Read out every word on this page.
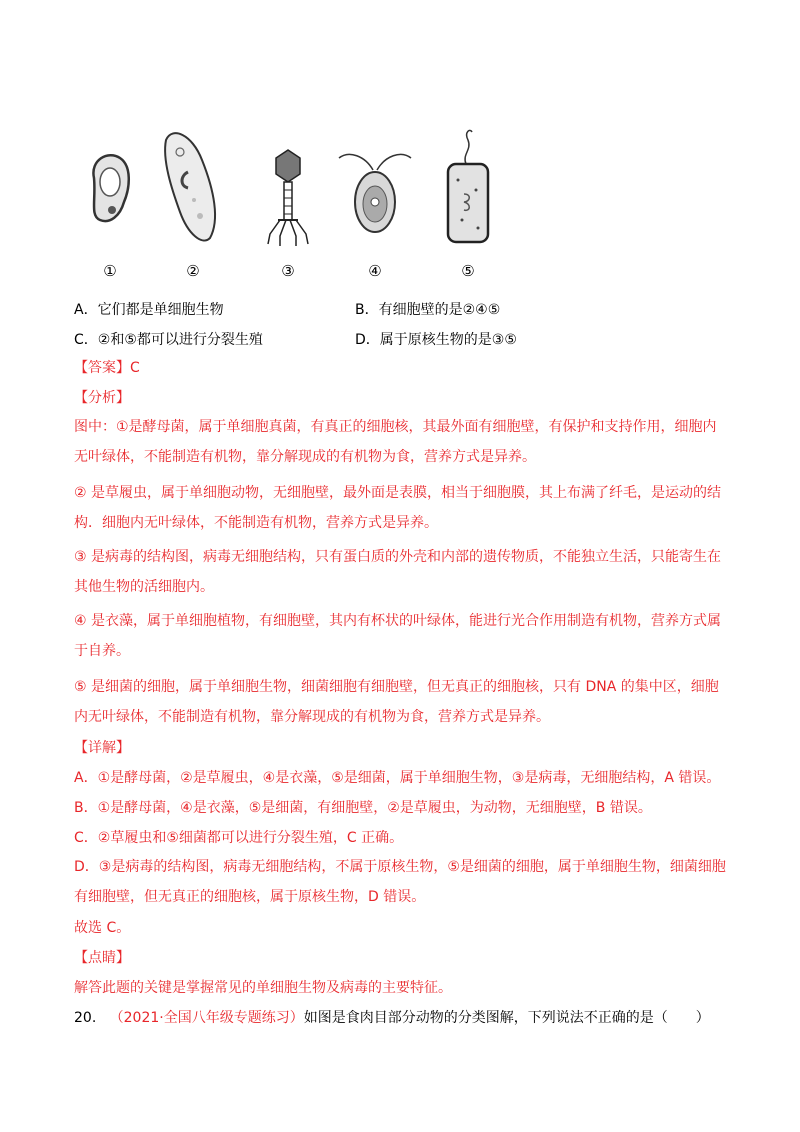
①	②	③	④	⑤
A．它们都是单细胞生物	B．有细胞壁的是②④⑤
C．②和⑤都可以进行分裂生殖	D．属于原核生物的是③⑤
【答案】C
【分析】
图中：①是酵母菌，属于单细胞真菌，有真正的细胞核，其最外面有细胞壁，有保护和支持作用，细胞内无叶绿体，不能制造有机物，靠分解现成的有机物为食，营养方式是异养。
② 是草履虫，属于单细胞动物，无细胞壁，最外面是表膜，相当于细胞膜，其上布满了纤毛，是运动的结构．细胞内无叶绿体，不能制造有机物，营养方式是异养。
③ 是病毒的结构图，病毒无细胞结构，只有蛋白质的外壳和内部的遗传物质，不能独立生活，只能寄生在其他生物的活细胞内。
④ 是衣藻，属于单细胞植物，有细胞壁，其内有杯状的叶绿体，能进行光合作用制造有机物，营养方式属于自养。
⑤ 是细菌的细胞，属于单细胞生物，细菌细胞有细胞壁，但无真正的细胞核，只有 DNA 的集中区，细胞内无叶绿体，不能制造有机物，靠分解现成的有机物为食，营养方式是异养。
【详解】
A．①是酵母菌，②是草履虫，④是衣藻，⑤是细菌，属于单细胞生物，③是病毒，无细胞结构，A 错误。
B．①是酵母菌，④是衣藻，⑤是细菌，有细胞壁，②是草履虫，为动物，无细胞壁，B 错误。
C．②草履虫和⑤细菌都可以进行分裂生殖，C 正确。
D．③是病毒的结构图，病毒无细胞结构，不属于原核生物，⑤是细菌的细胞，属于单细胞生物，细菌细胞有细胞壁，但无真正的细胞核，属于原核生物，D 错误。
故选 C。
【点睛】
解答此题的关键是掌握常见的单细胞生物及病毒的主要特征。
20. （2021·全国八年级专题练习）如图是食肉目部分动物的分类图解，下列说法不正确的是（　　）
